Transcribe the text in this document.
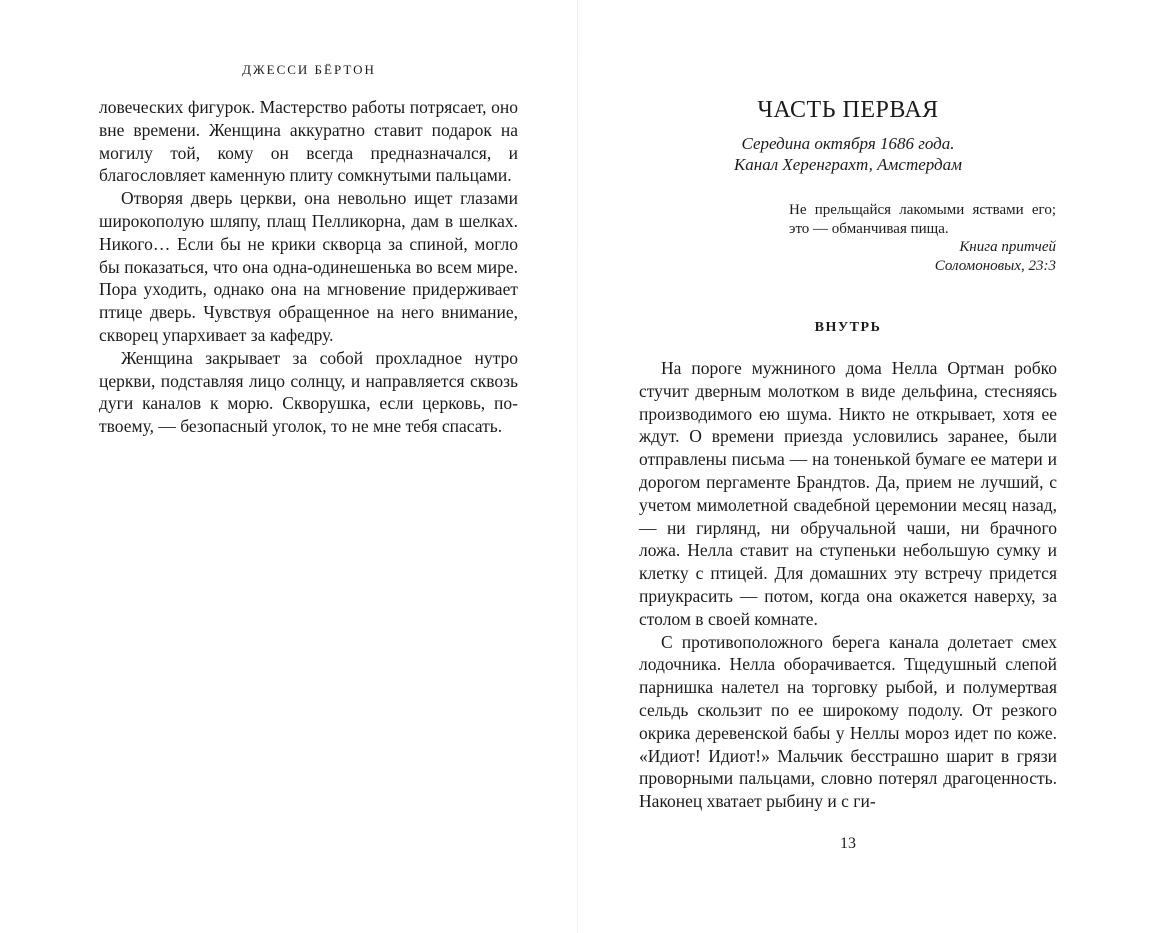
ДЖЕССИ БЁРТОН

ловеческих фигурок. Мастерство работы потрясает, оно вне времени. Женщина аккуратно ставит подарок на могилу той, кому он всегда предназначался, и благословляет каменную плиту сомкнутыми пальцами.

Отворяя дверь церкви, она невольно ищет глазами широкополую шляпу, плащ Пелликорна, дам в шелках. Никого… Если бы не крики скворца за спиной, могло бы показаться, что она одна-одинешенька во всем мире. Пора уходить, однако она на мгновение придерживает птице дверь. Чувствуя обращенное на него внимание, скворец упархивает за кафедру.

Женщина закрывает за собой прохладное нутро церкви, подставляя лицо солнцу, и направляется сквозь дуги каналов к морю. Скворушка, если церковь, по-твоему, — безопасный уголок, то не мне тебя спасать.

ЧАСТЬ ПЕРВАЯ
Середина октября 1686 года.
Канал Херенграхт, Амстердам
Не прельщайся лакомыми яствами его; это — обманчивая пища.
Книга притчей
Соломоновых, 23:3
ВНУТРЬ

На пороге мужниного дома Нелла Ортман робко стучит дверным молотком в виде дельфина, стесняясь производимого ею шума. Никто не открывает, хотя ее ждут. О времени приезда условились заранее, были отправлены письма — на тоненькой бумаге ее матери и дорогом пергаменте Брандтов. Да, прием не лучший, с учетом мимолетной свадебной церемонии месяц назад, — ни гирлянд, ни обручальной чаши, ни брачного ложа. Нелла ставит на ступеньки небольшую сумку и клетку с птицей. Для домашних эту встречу придется приукрасить — потом, когда она окажется наверху, за столом в своей комнате.

С противоположного берега канала долетает смех лодочника. Нелла оборачивается. Тщедушный слепой парнишка налетел на торговку рыбой, и полумертвая сельдь скользит по ее широкому подолу. От резкого окрика деревенской бабы у Неллы мороз идет по коже. «Идиот! Идиот!» Мальчик бесстрашно шарит в грязи проворными пальцами, словно потерял драгоценность. Наконец хватает рыбину и с ги-

13
